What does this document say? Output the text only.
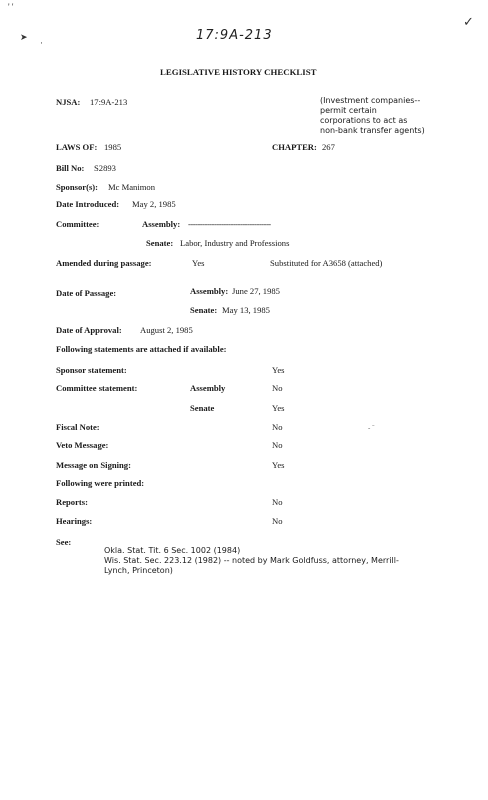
' '
➤
·
✓
- ˉ
17:9A-213
LEGISLATIVE HISTORY CHECKLIST
NJSA: 17:9A-213	(Investment companies--
permit certain
corporations to act as
non-bank transfer agents)
LAWS OF: 1985	CHAPTER: 267
Bill No: S2893
Sponsor(s): Mc Manimon
Date Introduced: May 2, 1985
Committee:	Assembly: -----------------------------------
Senate: Labor, Industry and Professions
Amended during passage:	Yes	Substituted for A3658 (attached)
Date of Passage:	Assembly: June 27, 1985
Senate: May 13, 1985
Date of Approval: August 2, 1985
Following statements are attached if available:
Sponsor statement:	Yes
Committee statement:	Assembly	No
Senate	Yes
Fiscal Note:	No
Veto Message:	No
Message on Signing:	Yes
Following were printed:
Reports:	No
Hearings:	No
See:
Okla. Stat. Tit. 6 Sec. 1002 (1984)
Wis. Stat. Sec. 223.12 (1982) -- noted by Mark Goldfuss, attorney, Merrill-
Lynch, Princeton)
